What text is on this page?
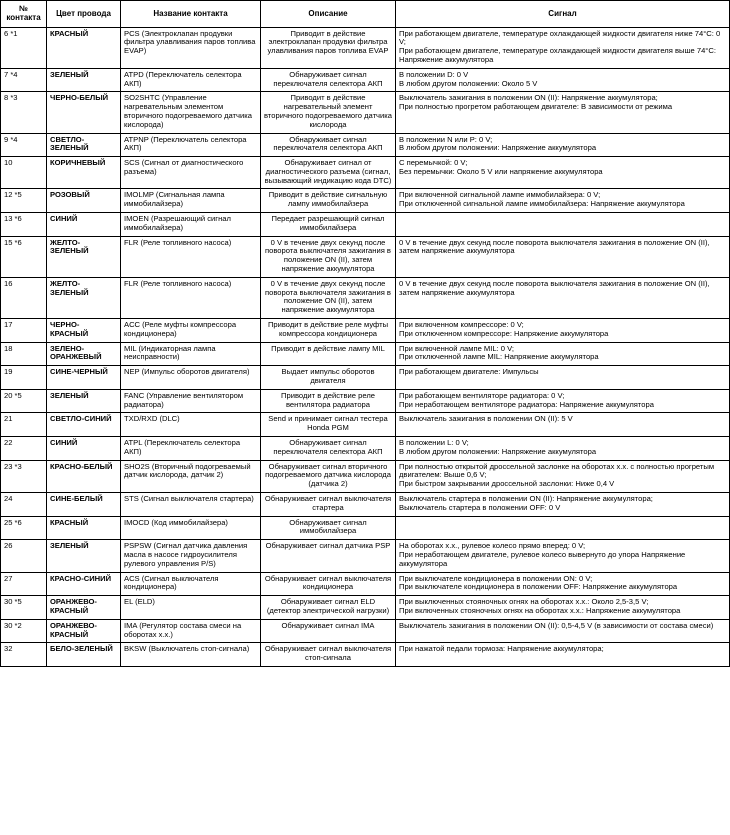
№
контакта	Цвет провода	Название контакта	Описание	Сигнал
6 *1	КРАСНЫЙ	PCS (Электроклапан продувки фильтра улавливания паров топлива EVAP)	Приводит в действие электроклапан продувки фильтра улавливания паров топлива EVAP	При работающем двигателе, температуре охлаждающей жидкости двигателя ниже 74°C: 0 V;
При работающем двигателе, температуре охлаждающей жидкости двигателя выше 74°C: Напряжение аккумулятора
7 *4	ЗЕЛЕНЫЙ	ATPD (Переключатель селектора АКП)	Обнаруживает сигнал переключателя селектора АКП	В положении D: 0 V
В любом другом положении: Около 5 V
8 *3	ЧЕРНО-БЕЛЫЙ	SO2SHTC (Управление нагревательным элементом вторичного подогреваемого датчика кислорода)	Приводит в действие нагревательный элемент вторичного подогреваемого датчика кислорода	Выключатель зажигания в положении ON (II): Напряжение аккумулятора;
При полностью прогретом работающем двигателе: В зависимости от режима
9 *4	СВЕТЛО-ЗЕЛЕНЫЙ	ATPNP (Переключатель селектора АКП)	Обнаруживает сигнал переключателя селектора АКП	В положении N или P: 0 V;
В любом другом положении: Напряжение аккумулятора
10	КОРИЧНЕВЫЙ	SCS (Сигнал от диагностического разъема)	Обнаруживает сигнал от диагностического разъема (сигнал, вызывающий индикацию кода DTC)	С перемычкой: 0 V;
Без перемычки: Около 5 V или напряжение аккумулятора
12 *5	РОЗОВЫЙ	IMOLMP (Сигнальная лампа иммобилайзера)	Приводит в действие сигнальную лампу иммобилайзера	При включенной сигнальной лампе иммобилайзера: 0 V;
При отключенной сигнальной лампе иммобилайзера: Напряжение аккумулятора
13 *6	СИНИЙ	IMOEN (Разрешающий сигнал иммобилайзера)	Передает разрешающий сигнал иммобилайзера	
15 *6	ЖЕЛТО-ЗЕЛЕНЫЙ	FLR (Реле топливного насоса)	0 V в течение двух секунд после поворота выключателя зажигания в положение ON (II), затем напряжение аккумулятора	0 V в течение двух секунд после поворота выключателя зажигания в положение ON (II), затем напряжение аккумулятора
16	ЖЕЛТО-ЗЕЛЕНЫЙ	FLR (Реле топливного насоса)	0 V в течение двух секунд после поворота выключателя зажигания в положение ON (II), затем напряжение аккумулятора	0 V в течение двух секунд после поворота выключателя зажигания в положение ON (II), затем напряжение аккумулятора
17	ЧЕРНО-КРАСНЫЙ	ACC (Реле муфты компрессора кондиционера)	Приводит в действие реле муфты компрессора кондиционера	При включенном компрессоре: 0 V;
При отключенном компрессоре: Напряжение аккумулятора
18	ЗЕЛЕНО-ОРАНЖЕВЫЙ	MIL (Индикаторная лампа неисправности)	Приводит в действие лампу MIL	При включенной лампе MIL: 0 V;
При отключенной лампе MIL: Напряжение аккумулятора
19	СИНЕ-ЧЕРНЫЙ	NEP (Импульс оборотов двигателя)	Выдает импульс оборотов двигателя	При работающем двигателе: Импульсы
20 *5	ЗЕЛЕНЫЙ	FANC (Управление вентилятором радиатора)	Приводит в действие реле вентилятора радиатора	При работающем вентиляторе радиатора: 0 V;
При неработающем вентиляторе радиатора: Напряжение аккумулятора
21	СВЕТЛО-СИНИЙ	TXD/RXD (DLC)	Send и принимает сигнал тестера Honda PGM	Выключатель зажигания в положении ON (II): 5 V
22	СИНИЙ	ATPL (Переключатель селектора АКП)	Обнаруживает сигнал переключателя селектора АКП	В положении L: 0 V;
В любом другом положении: Напряжение аккумулятора
23 *3	КРАСНО-БЕЛЫЙ	SHO2S (Вторичный подогреваемый датчик кислорода, датчик 2)	Обнаруживает сигнал вторичного подогреваемого датчика кислорода (датчика 2)	При полностью открытой дроссельной заслонке на оборотах х.х. с полностью прогретым двигателем: Выше 0,6 V;
При быстром закрывании дроссельной заслонки: Ниже 0,4 V
24	СИНЕ-БЕЛЫЙ	STS (Сигнал выключателя стартера)	Обнаруживает сигнал выключателя стартера	Выключатель стартера в положении ON (II): Напряжение аккумулятора;
Выключатель стартера в положении OFF: 0 V
25 *6	КРАСНЫЙ	IMOCD (Код иммобилайзера)	Обнаруживает сигнал иммобилайзера	
26	ЗЕЛЕНЫЙ	PSPSW (Сигнал датчика давления масла в насосе гидроусилителя рулевого управления P/S)	Обнаруживает сигнал датчика PSP	На оборотах х.х., рулевое колесо прямо вперед: 0 V;
При неработающем двигателе, рулевое колесо вывернуто до упора Напряжение аккумулятора
27	КРАСНО-СИНИЙ	ACS (Сигнал выключателя кондиционера)	Обнаруживает сигнал выключателя кондиционера	При выключателе кондиционера в положении ON: 0 V;
При выключателе кондиционера в положении OFF: Напряжение аккумулятора
30 *5	ОРАНЖЕВО-КРАСНЫЙ	EL (ELD)	Обнаруживает сигнал ELD (детектор электрической нагрузки)	При выключенных стояночных огнях на оборотах х.х.: Около 2,5-3,5 V;
При включенных стояночных огнях на оборотах х.х.: Напряжение аккумулятора
30 *2	ОРАНЖЕВО-КРАСНЫЙ	IMA (Регулятор состава смеси на оборотах х.х.)	Обнаруживает сигнал IMA	Выключатель зажигания в положении ON (II): 0,5-4,5 V (в зависимости от состава смеси)
32	БЕЛО-ЗЕЛЕНЫЙ	BKSW (Выключатель стоп-сигнала)	Обнаруживает сигнал выключателя стоп-сигнала	При нажатой педали тормоза: Напряжение аккумулятора;
